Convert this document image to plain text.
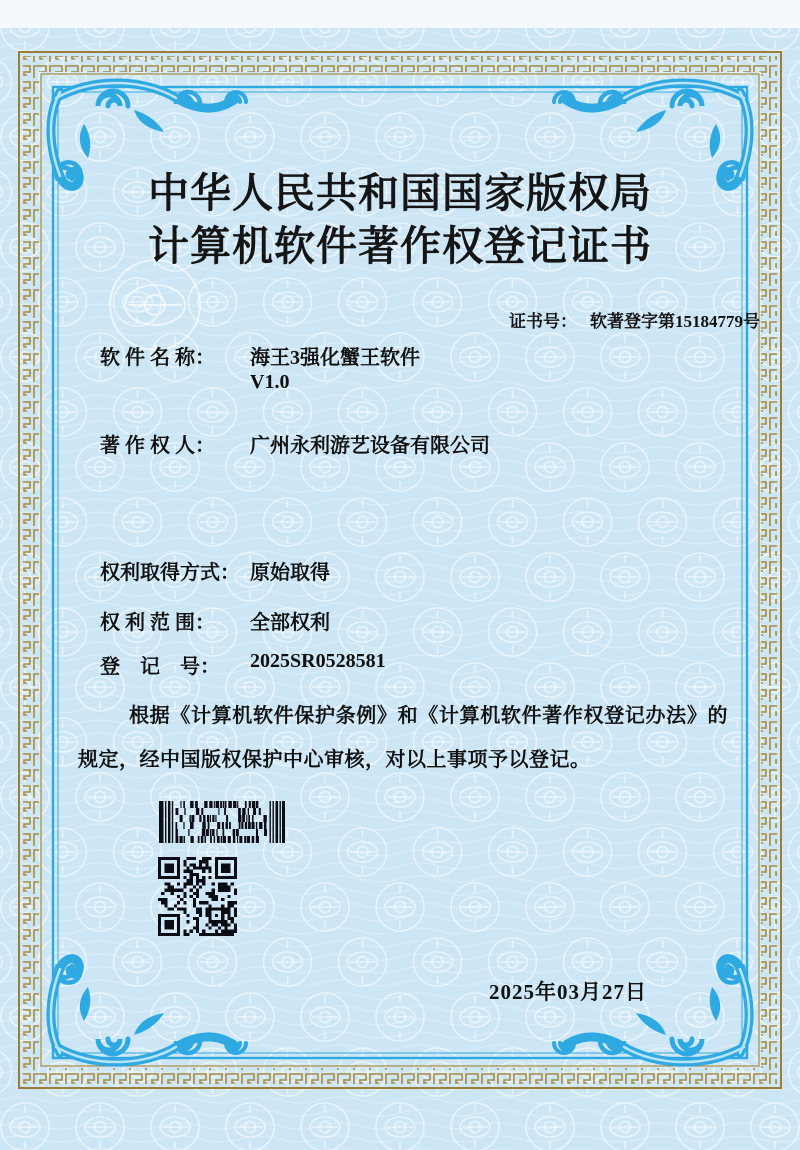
中华人民共和国国家版权局
计算机软件著作权登记证书

证书号： 软著登字第15184779号

软 件 名 称： 海王3强化蟹王软件
V1.0
著 作 权 人： 广州永利游艺设备有限公司
权利取得方式： 原始取得
权 利 范 围： 全部权利
登　记　号： 2025SR0528581
根据《计算机软件保护条例》和《计算机软件著作权登记办法》的规定，经中国版权保护中心审核，对以上事项予以登记。
2025年03月27日
